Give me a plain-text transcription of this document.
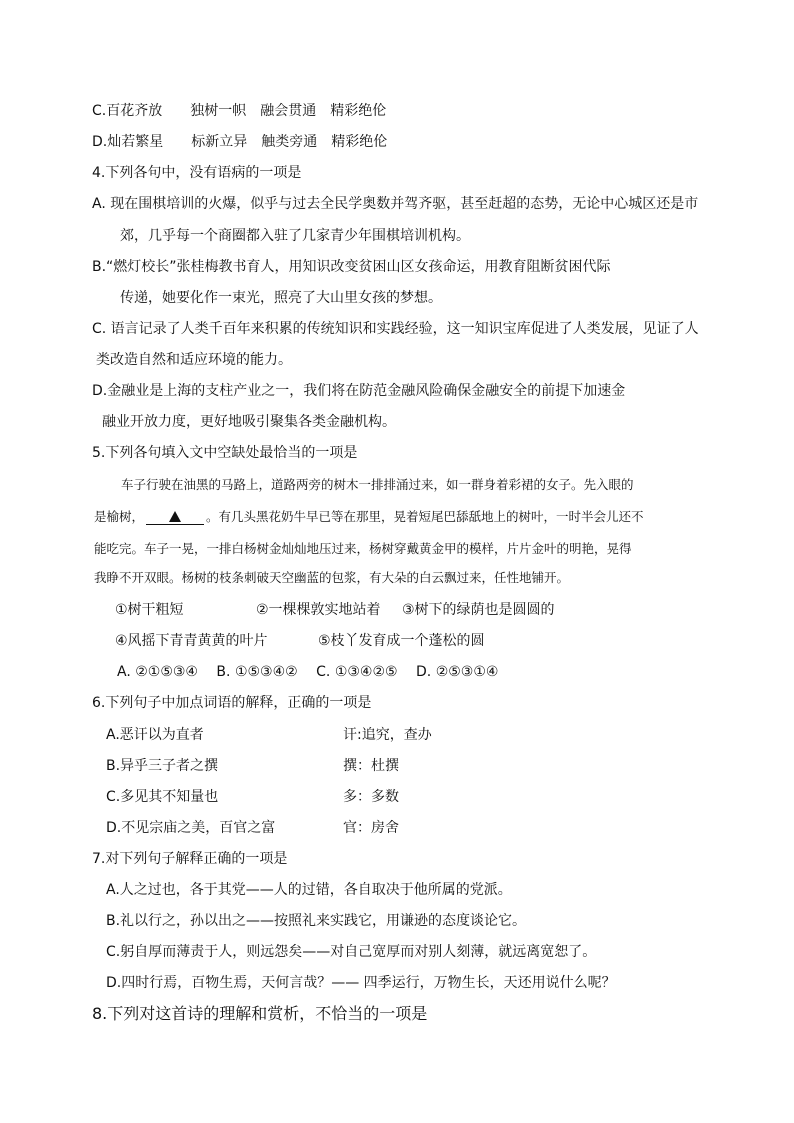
C.百花齐放　　独树一帜　融会贯通　精彩绝伦
D.灿若繁星　　标新立异　触类旁通　精彩绝伦
4.下列各句中，没有语病的一项是
A. 现在围棋培训的火爆，似乎与过去全民学奥数并驾齐驱，甚至赶超的态势，无论中心城区还是市
郊，几乎每一个商圈都入驻了几家青少年围棋培训机构。
B.“燃灯校长”张桂梅教书育人，用知识改变贫困山区女孩命运，用教育阻断贫困代际
传递，她要化作一束光，照亮了大山里女孩的梦想。
C. 语言记录了人类千百年来积累的传统知识和实践经验，这一知识宝库促进了人类发展，见证了人
类改造自然和适应环境的能力。
D.金融业是上海的支柱产业之一，我们将在防范金融风险确保金融安全的前提下加速金
融业开放力度，更好地吸引聚集各类金融机构。
5.下列各句填入文中空缺处最恰当的一项是
车子行驶在油黑的马路上，道路两旁的树木一排排涌过来，如一群身着彩裙的女子。先入眼的
是榆树，	。有几头黑花奶牛早已等在那里，晃着短尾巴舔舐地上的树叶，一时半会儿还不
能吃完。车子一晃，一排白杨树金灿灿地压过来，杨树穿戴黄金甲的模样，片片金叶的明艳，晃得
我睁不开双眼。杨树的枝条刺破天空幽蓝的包浆，有大朵的白云飘过来，任性地铺开。
①树干粗短	②一棵棵敦实地站着 ③树下的绿荫也是圆圆的
④风摇下青青黄黄的叶片	⑤枝丫发育成一个蓬松的圆
A. ②①⑤③④　 B. ①⑤③④②　 C. ①③④②⑤　 D. ②⑤③①④
6.下列句子中加点词语的解释，正确的一项是
A.恶讦以为直者	讦:追究，查办
B.异乎三子者之撰	撰：杜撰
C.多见其不知量也	多：多数
D.不见宗庙之美，百官之富	官：房舍
7.对下列句子解释正确的一项是
A.人之过也，各于其党——人的过错，各自取决于他所属的党派。
B.礼以行之，孙以出之——按照礼来实践它，用谦逊的态度谈论它。
C.躬自厚而薄责于人，则远怨矣——对自己宽厚而对别人刻薄，就远离宽恕了。
D.四时行焉，百物生焉，天何言哉？—— 四季运行，万物生长，天还用说什么呢？
8.下列对这首诗的理解和赏析，不恰当的一项是
